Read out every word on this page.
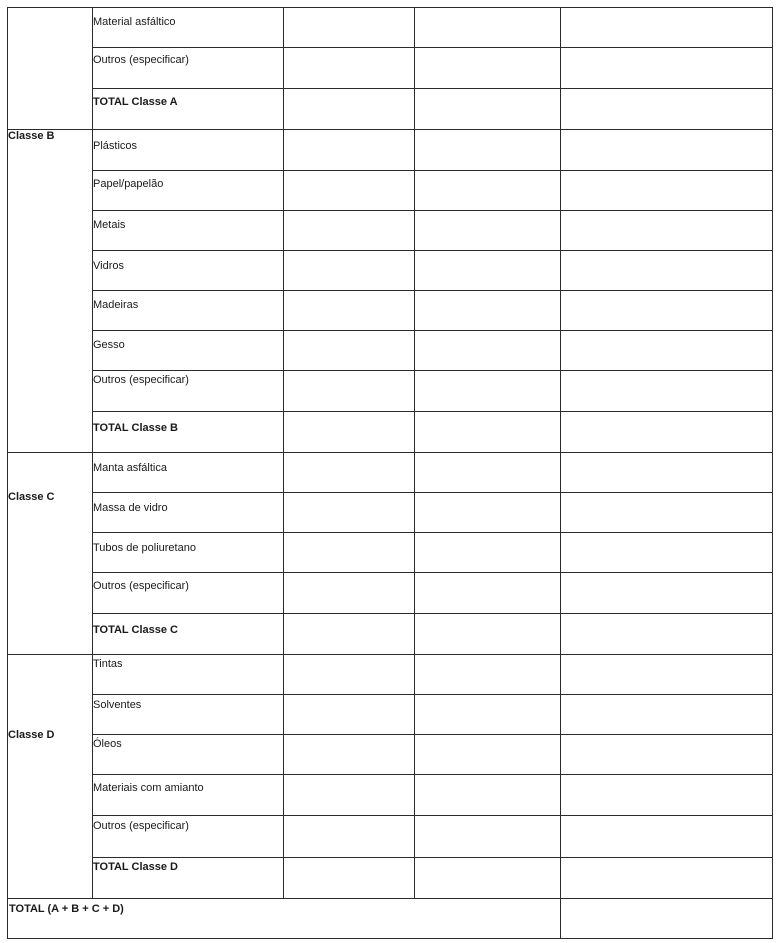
	Material asfáltico			

	Outros (especificar)			

	TOTAL Classe A			

Classe B	Plásticos			

	Papel/papelão			

	Metais			

	Vidros			

	Madeiras			

	Gesso			

	Outros (especificar)			

	TOTAL Classe B			

Classe C	Manta asfáltica			

	Massa de vidro			

	Tubos de poliuretano			

	Outros (especificar)			

	TOTAL Classe C			

Classe D	Tintas			

	Solventes			

	Óleos			

	Materiais com amianto			

	Outros (especificar)			

	TOTAL Classe D			

TOTAL (A + B + C + D)				
